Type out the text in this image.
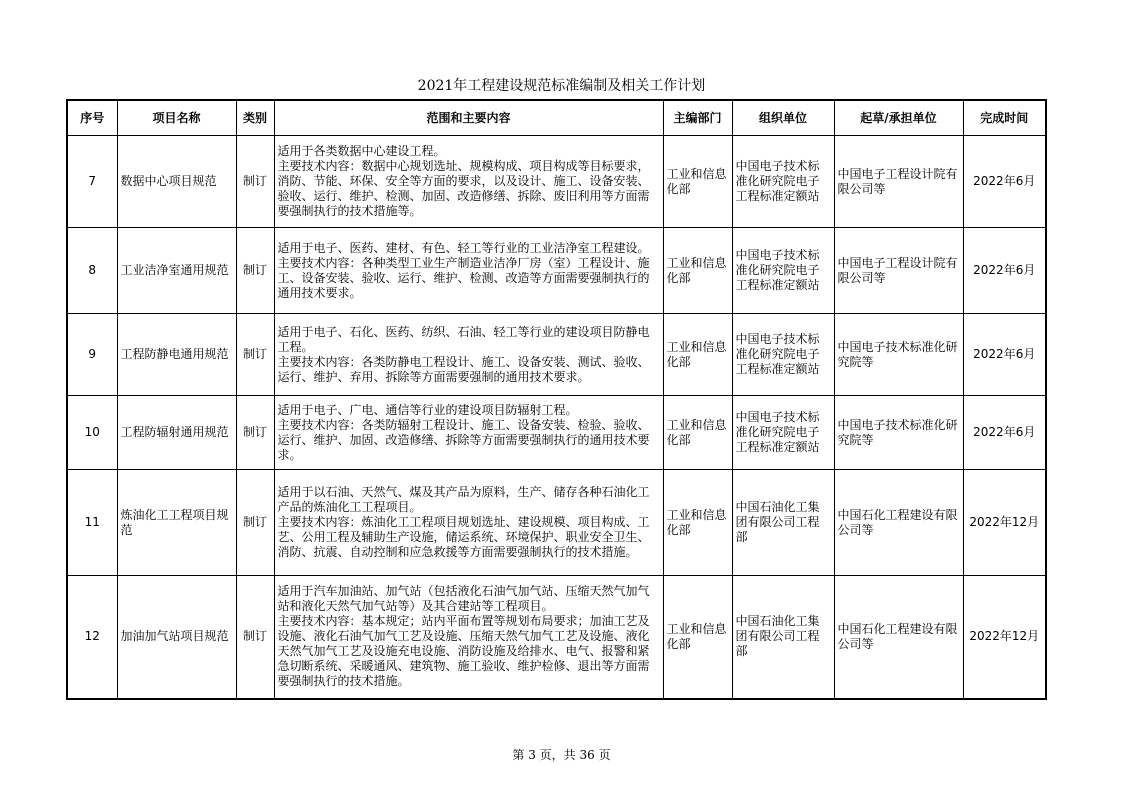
2021年工程建设规范标准编制及相关工作计划
序号	项目名称	类别	范围和主要内容	主编部门	组织单位	起草/承担单位	完成时间
7	数据中心项目规范	制订	适用于各类数据中心建设工程。
主要技术内容：数据中心规划选址、规模构成、项目构成等目标要求，消防、节能、环保、安全等方面的要求，以及设计、施工、设备安装、验收、运行、维护、检测、加固、改造修缮、拆除、废旧利用等方面需要强制执行的技术措施等。	工业和信息化部	中国电子技术标准化研究院电子工程标准定额站	中国电子工程设计院有限公司等	2022年6月
8	工业洁净室通用规范	制订	适用于电子、医药、建材、有色、轻工等行业的工业洁净室工程建设。
主要技术内容：各种类型工业生产制造业洁净厂房（室）工程设计、施工、设备安装、验收、运行、维护、检测、改造等方面需要强制执行的通用技术要求。	工业和信息化部	中国电子技术标准化研究院电子工程标准定额站	中国电子工程设计院有限公司等	2022年6月
9	工程防静电通用规范	制订	适用于电子、石化、医药、纺织、石油、轻工等行业的建设项目防静电工程。
主要技术内容：各类防静电工程设计、施工、设备安装、测试、验收、运行、维护、弃用、拆除等方面需要强制的通用技术要求。	工业和信息化部	中国电子技术标准化研究院电子工程标准定额站	中国电子技术标准化研究院等	2022年6月
10	工程防辐射通用规范	制订	适用于电子、广电、通信等行业的建设项目防辐射工程。
主要技术内容：各类防辐射工程设计、施工、设备安装、检验、验收、运行、维护、加固、改造修缮、拆除等方面需要强制执行的通用技术要求。	工业和信息化部	中国电子技术标准化研究院电子工程标准定额站	中国电子技术标准化研究院等	2022年6月
11	炼油化工工程项目规范	制订	适用于以石油、天然气、煤及其产品为原料，生产、储存各种石油化工产品的炼油化工工程项目。
主要技术内容：炼油化工工程项目规划选址、建设规模、项目构成、工艺、公用工程及辅助生产设施，储运系统、环境保护、职业安全卫生、消防、抗震、自动控制和应急救援等方面需要强制执行的技术措施。	工业和信息化部	中国石油化工集团有限公司工程部	中国石化工程建设有限公司等	2022年12月
12	加油加气站项目规范	制订	适用于汽车加油站、加气站（包括液化石油气加气站、压缩天然气加气站和液化天然气加气站等）及其合建站等工程项目。
主要技术内容：基本规定；站内平面布置等规划布局要求；加油工艺及设施、液化石油气加气工艺及设施、压缩天然气加气工艺及设施、液化天然气加气工艺及设施充电设施、消防设施及给排水、电气、报警和紧急切断系统、采暖通风、建筑物、施工验收、维护检修、退出等方面需要强制执行的技术措施。	工业和信息化部	中国石油化工集团有限公司工程部	中国石化工程建设有限公司等	2022年12月
第 3 页，共 36 页
